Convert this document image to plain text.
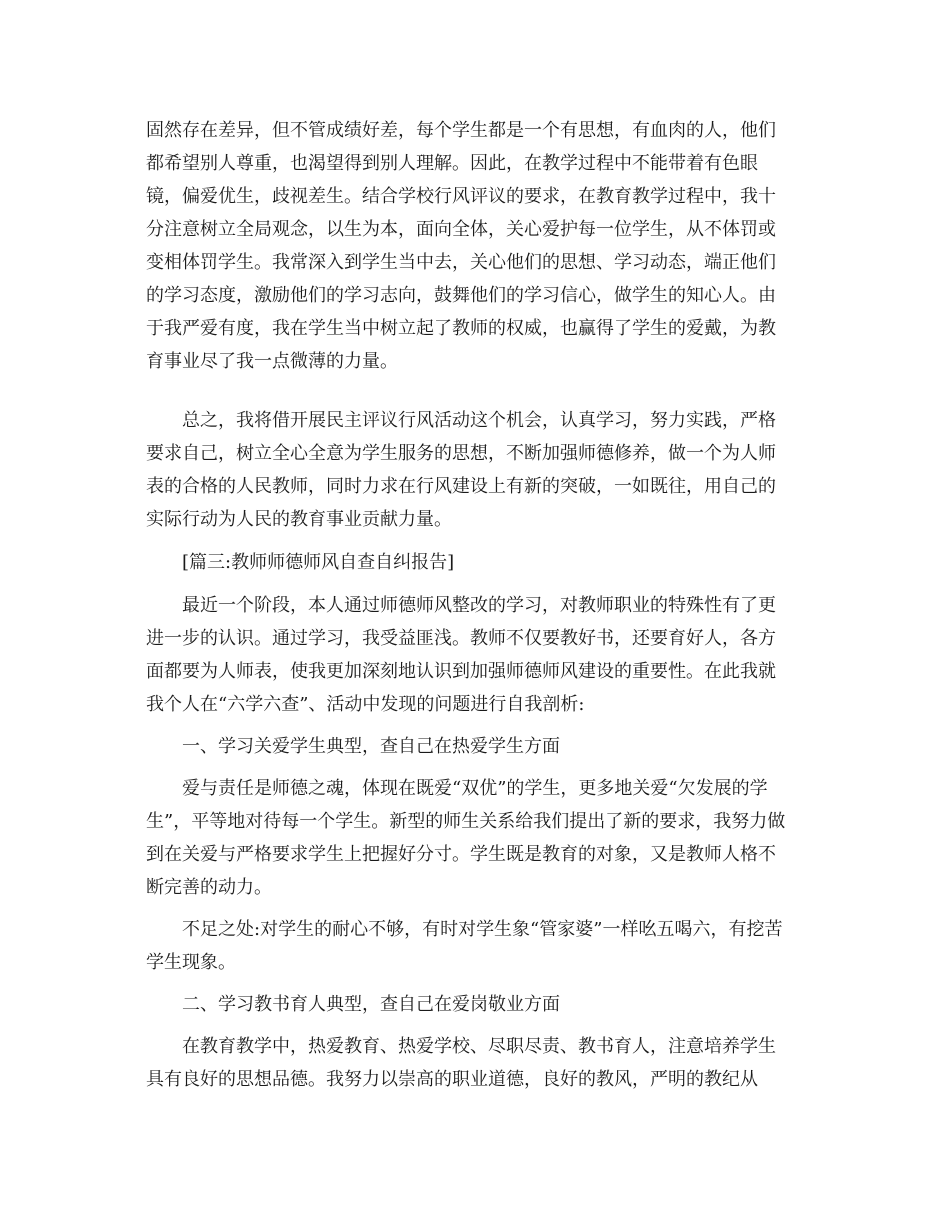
固然存在差异，但不管成绩好差，每个学生都是一个有思想，有血肉的人，他们
都希望别人尊重，也渴望得到别人理解。因此，在教学过程中不能带着有色眼
镜，偏爱优生，歧视差生。结合学校行风评议的要求，在教育教学过程中，我十
分注意树立全局观念，以生为本，面向全体，关心爱护每一位学生，从不体罚或
变相体罚学生。我常深入到学生当中去，关心他们的思想、学习动态，端正他们
的学习态度，激励他们的学习志向，鼓舞他们的学习信心，做学生的知心人。由
于我严爱有度，我在学生当中树立起了教师的权威，也赢得了学生的爱戴，为教
育事业尽了我一点微薄的力量。
　　总之，我将借开展民主评议行风活动这个机会，认真学习，努力实践，严格
要求自己，树立全心全意为学生服务的思想，不断加强师德修养，做一个为人师
表的合格的人民教师，同时力求在行风建设上有新的突破，一如既往，用自己的
实际行动为人民的教育事业贡献力量。
　　[篇三:教师师德师风自查自纠报告]
　　最近一个阶段，本人通过师德师风整改的学习，对教师职业的特殊性有了更
进一步的认识。通过学习，我受益匪浅。教师不仅要教好书，还要育好人，各方
面都要为人师表，使我更加深刻地认识到加强师德师风建设的重要性。在此我就
我个人在“六学六查”、活动中发现的问题进行自我剖析:
　　一、学习关爱学生典型，查自己在热爱学生方面
　　爱与责任是师德之魂，体现在既爱“双优”的学生，更多地关爱“欠发展的学
生”，平等地对待每一个学生。新型的师生关系给我们提出了新的要求，我努力做
到在关爱与严格要求学生上把握好分寸。学生既是教育的对象，又是教师人格不
断完善的动力。
　　不足之处:对学生的耐心不够，有时对学生象“管家婆”一样吆五喝六，有挖苦
学生现象。
　　二、学习教书育人典型，查自己在爱岗敬业方面
　　在教育教学中，热爱教育、热爱学校、尽职尽责、教书育人，注意培养学生
具有良好的思想品德。我努力以崇高的职业道德，良好的教风，严明的教纪从
